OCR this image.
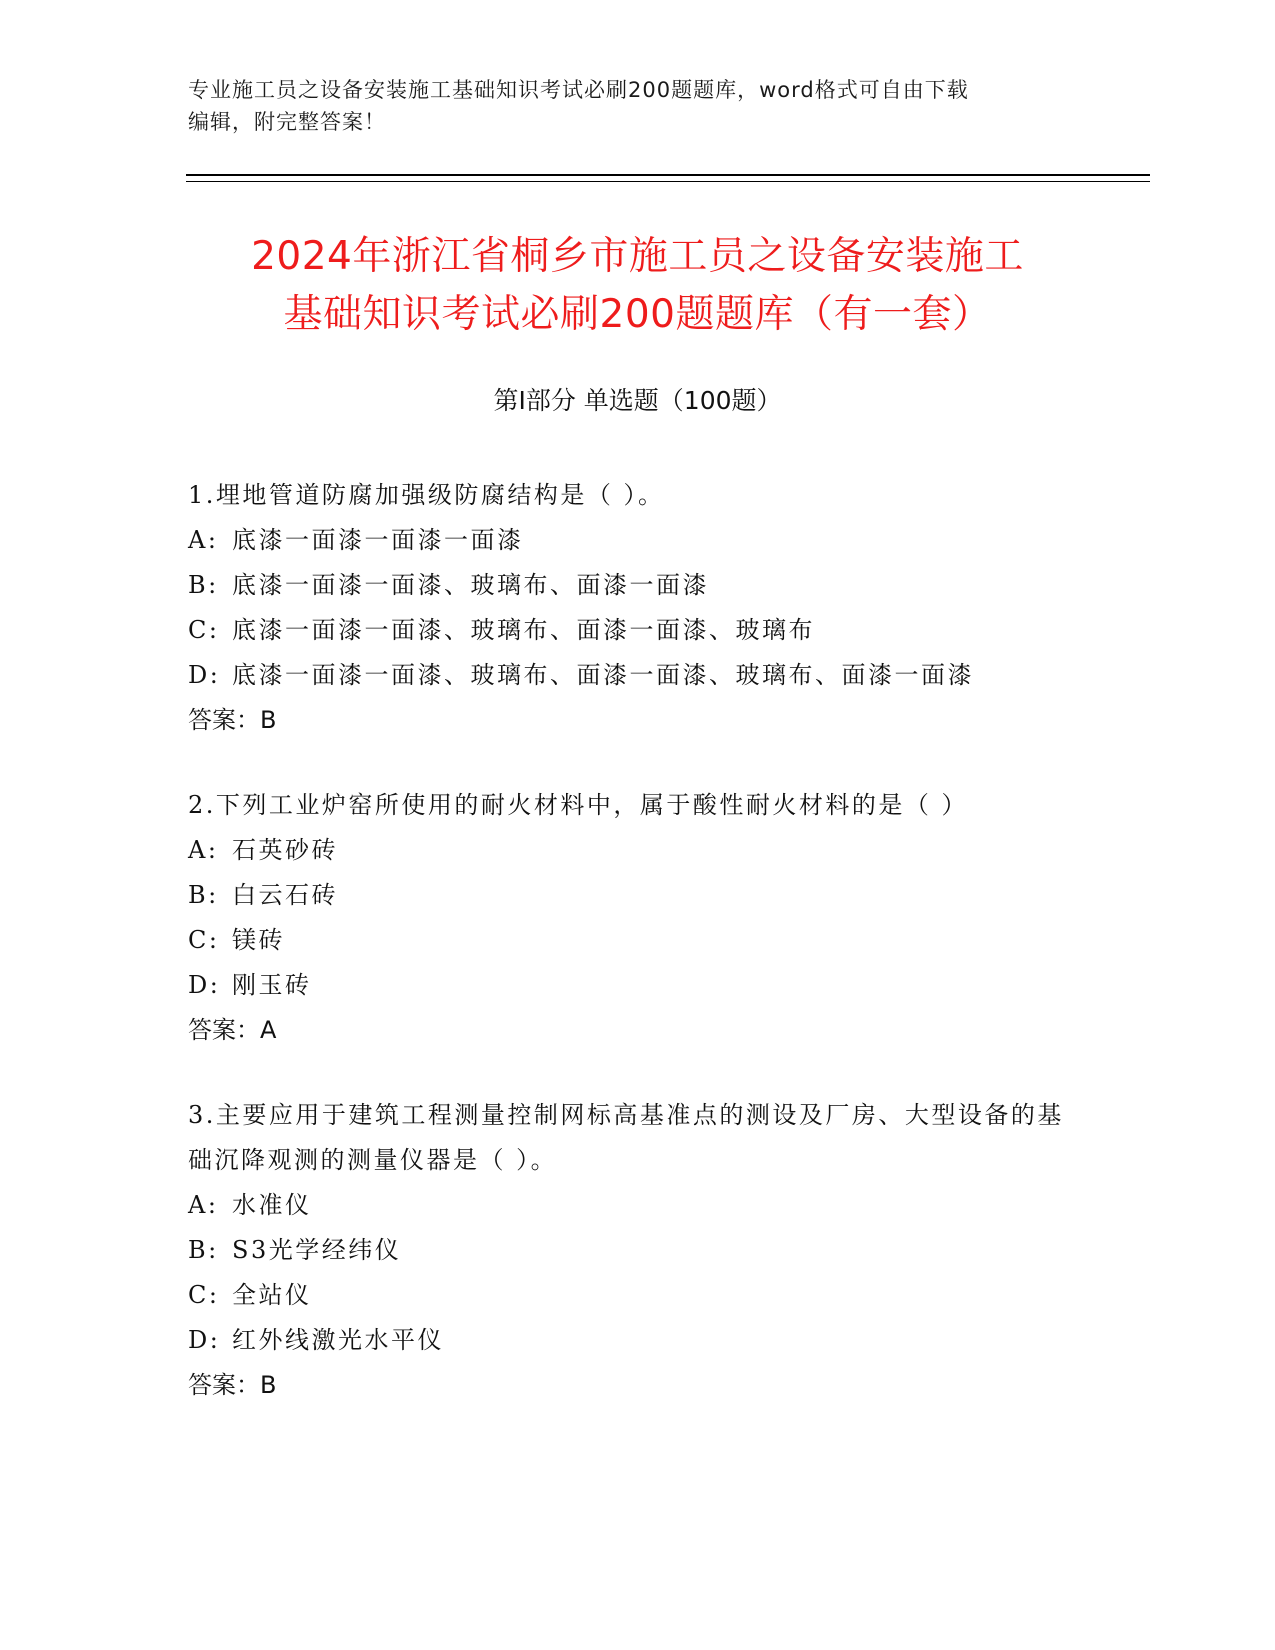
专业施工员之设备安装施工基础知识考试必刷200题题库，word格式可自由下载
编辑，附完整答案！
2024年浙江省桐乡市施工员之设备安装施工
基础知识考试必刷200题题库（有一套）
第Ⅰ部分 单选题（100题）
1.埋地管道防腐加强级防腐结构是（ ）。
A: 底漆一面漆一面漆一面漆
B: 底漆一面漆一面漆、玻璃布、面漆一面漆
C: 底漆一面漆一面漆、玻璃布、面漆一面漆、玻璃布
D: 底漆一面漆一面漆、玻璃布、面漆一面漆、玻璃布、面漆一面漆
答案：B
2.下列工业炉窑所使用的耐火材料中，属于酸性耐火材料的是（ ）
A: 石英砂砖
B: 白云石砖
C: 镁砖
D: 刚玉砖
答案：A
3.主要应用于建筑工程测量控制网标高基准点的测设及厂房、大型设备的基础沉降观测的测量仪器是（ ）。
A: 水准仪
B: S3光学经纬仪
C: 全站仪
D: 红外线激光水平仪
答案：B
